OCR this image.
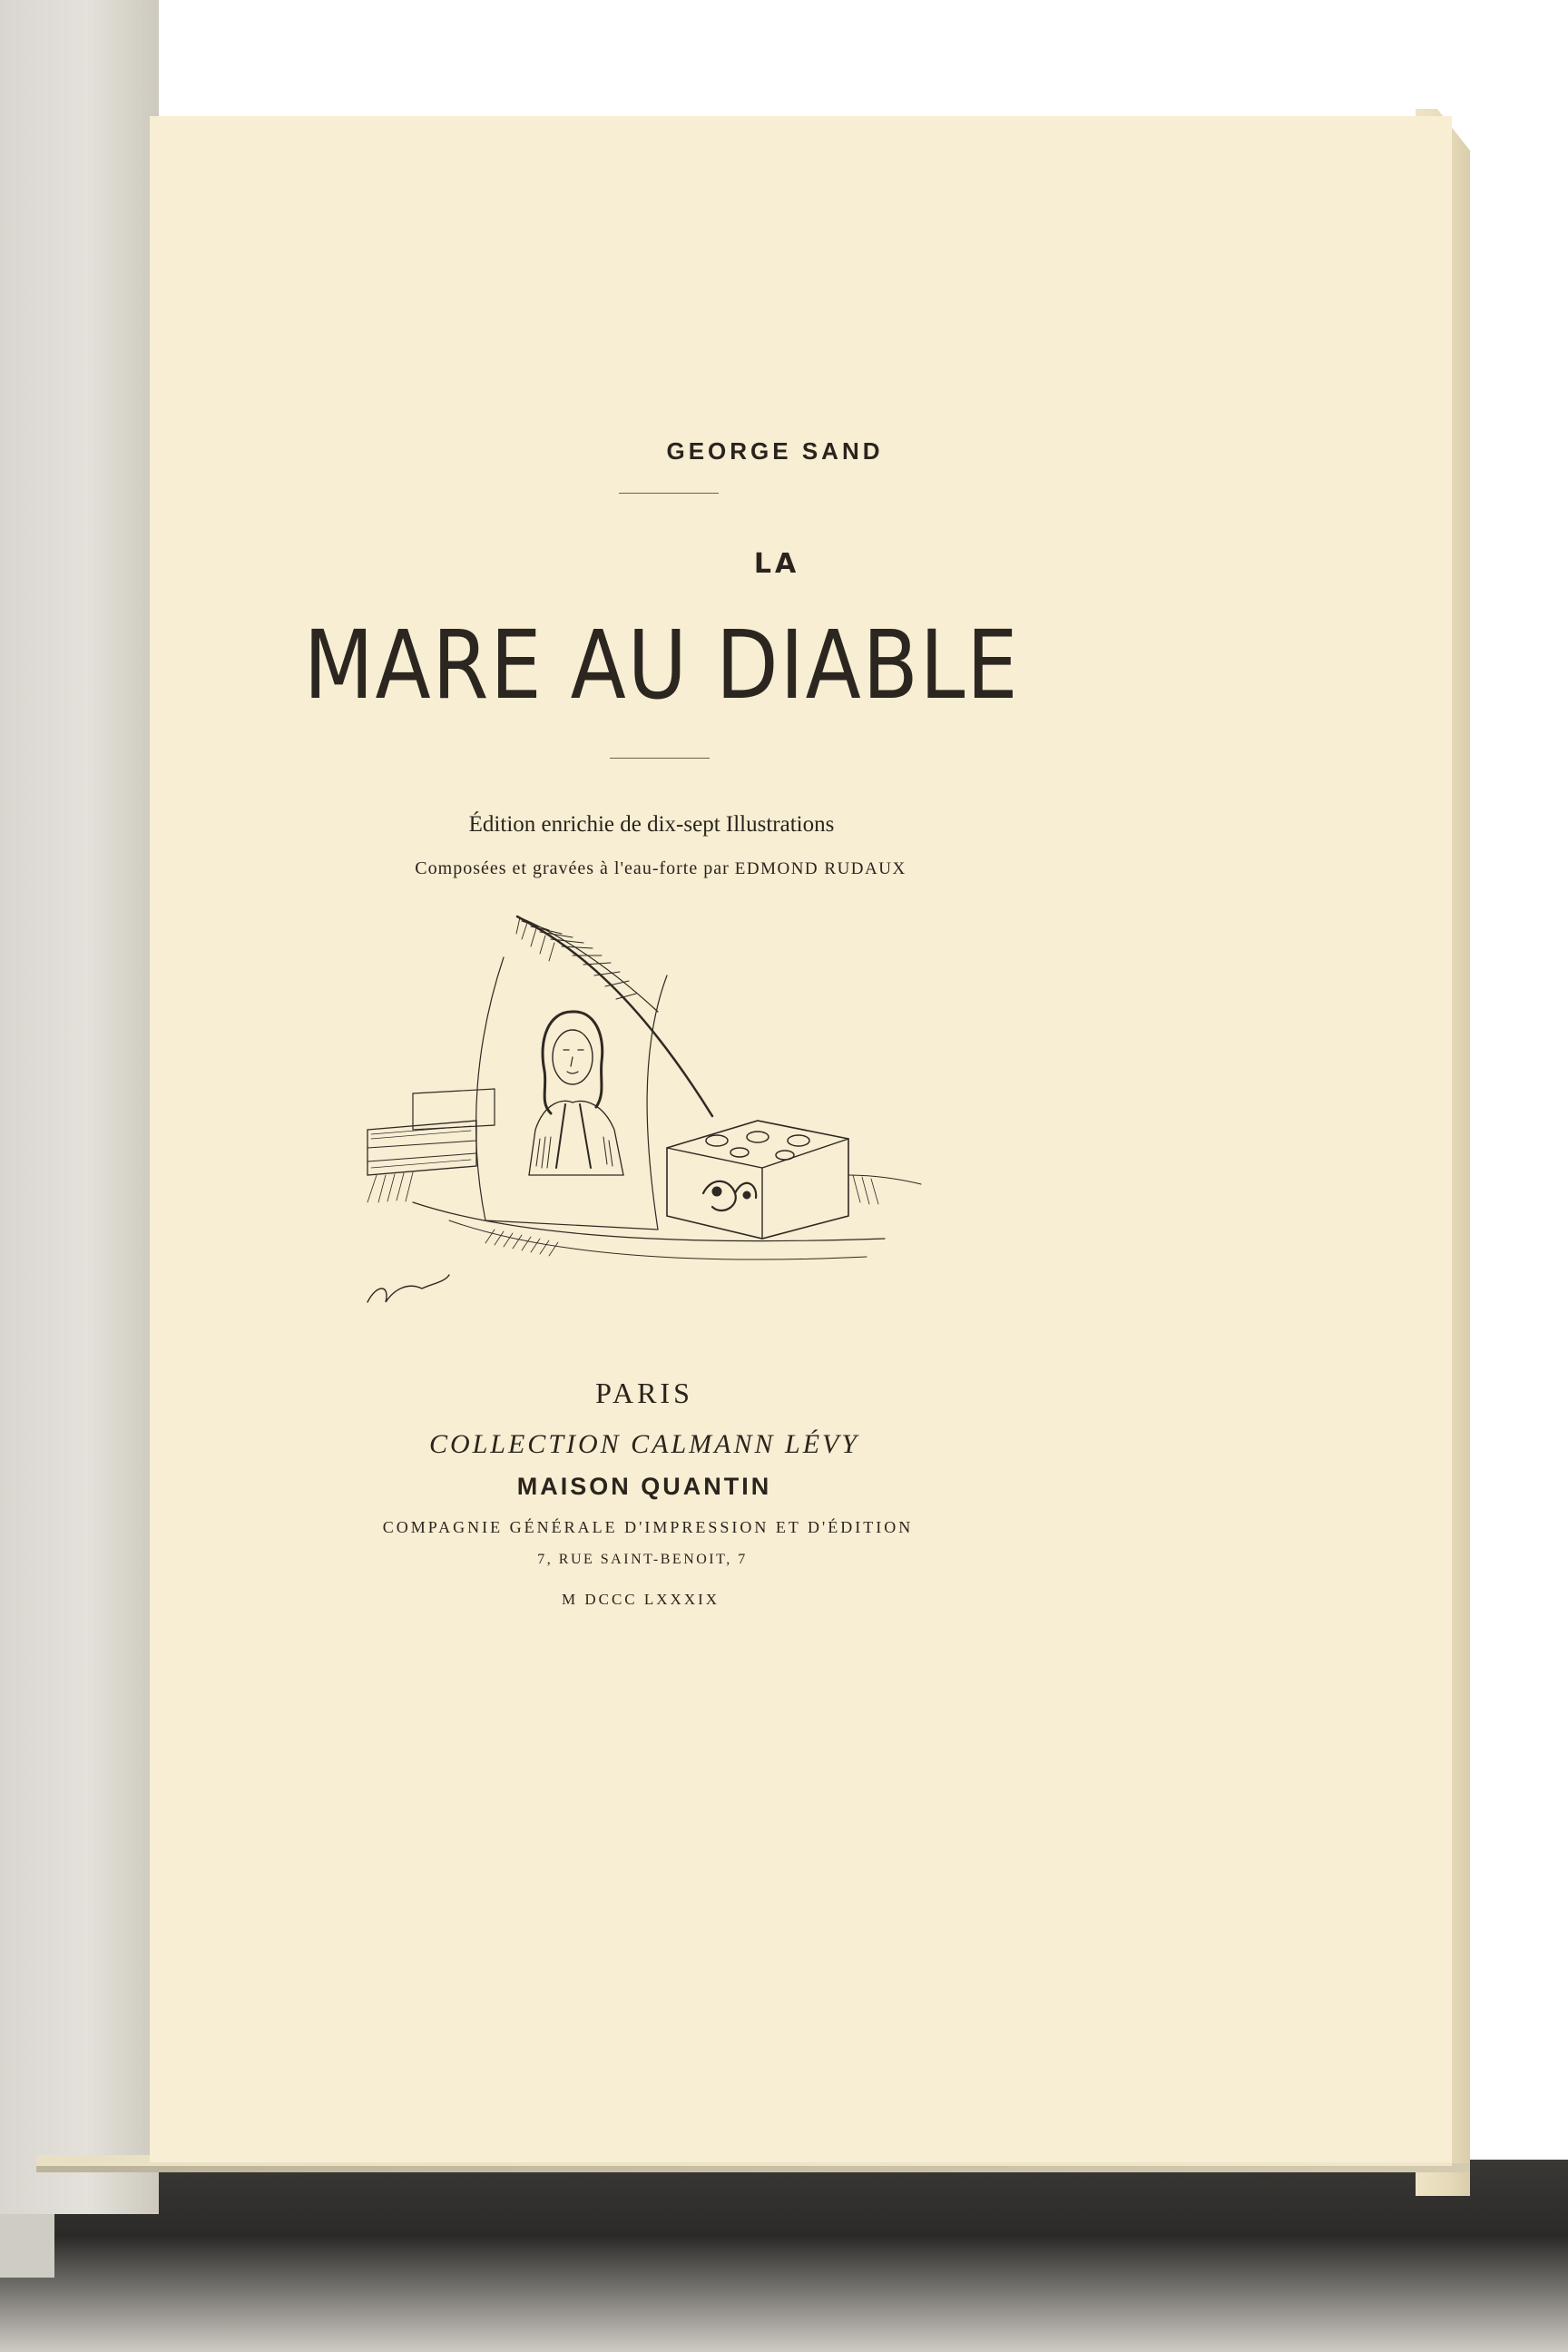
GEORGE SAND
LA
MARE AU DIABLE
Édition enrichie de dix-sept Illustrations
Composées et gravées à l'eau-forte par EDMOND RUDAUX
PARIS
COLLECTION CALMANN LÉVY
MAISON QUANTIN
COMPAGNIE GÉNÉRALE D'IMPRESSION ET D'ÉDITION
7, RUE SAINT-BENOIT, 7
M DCCC LXXXIX
